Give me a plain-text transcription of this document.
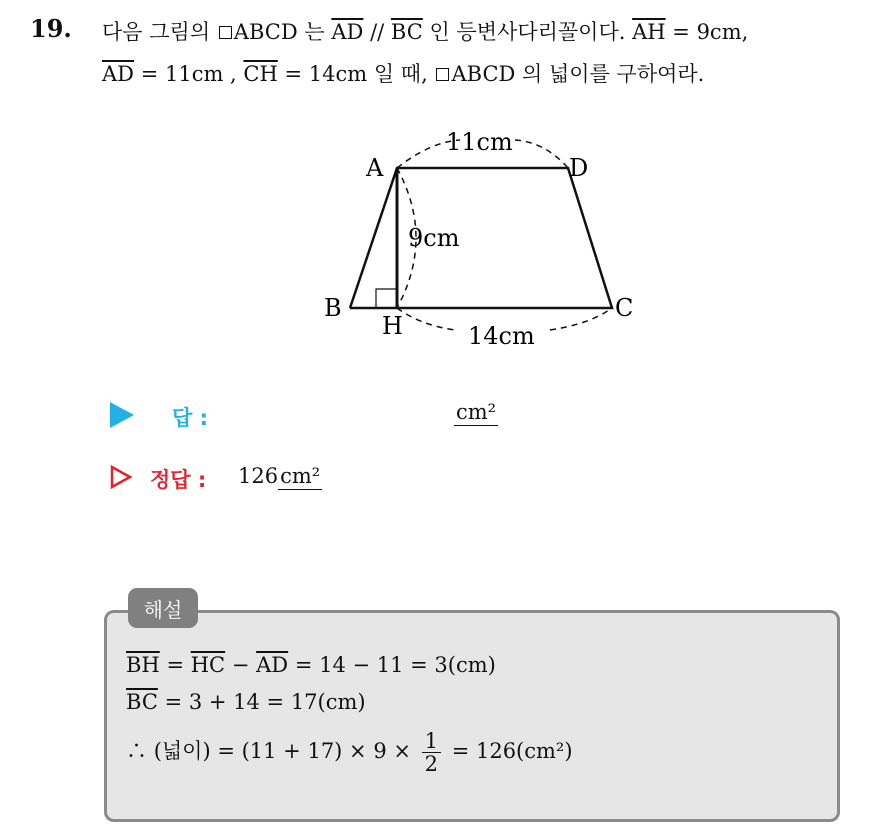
19. 다음 그림의 ABCD 는 $\overline{AD} // \overline{BC}$ 인 등변사다리꼴이다. $\overline{AH} = 9cm$,
$\overline{AD} = 11cm$ , $\overline{CH} = 14cm$ 일 때, ABCD 의 넓이를 구하여라.
A	D
B	C
H
11cm
9cm
14cm
답 :	cm²
정답 : 126cm²
해설
$\overline{BH} = \overline{HC} - \overline{AD} = 14 - 11 = 3(cm)$
$\overline{BC} = 3 + 14 = 17(cm)$
∴ (넓이) = $(11 + 17) \times 9 \times \frac{1}{2} = 126(cm^2)$
